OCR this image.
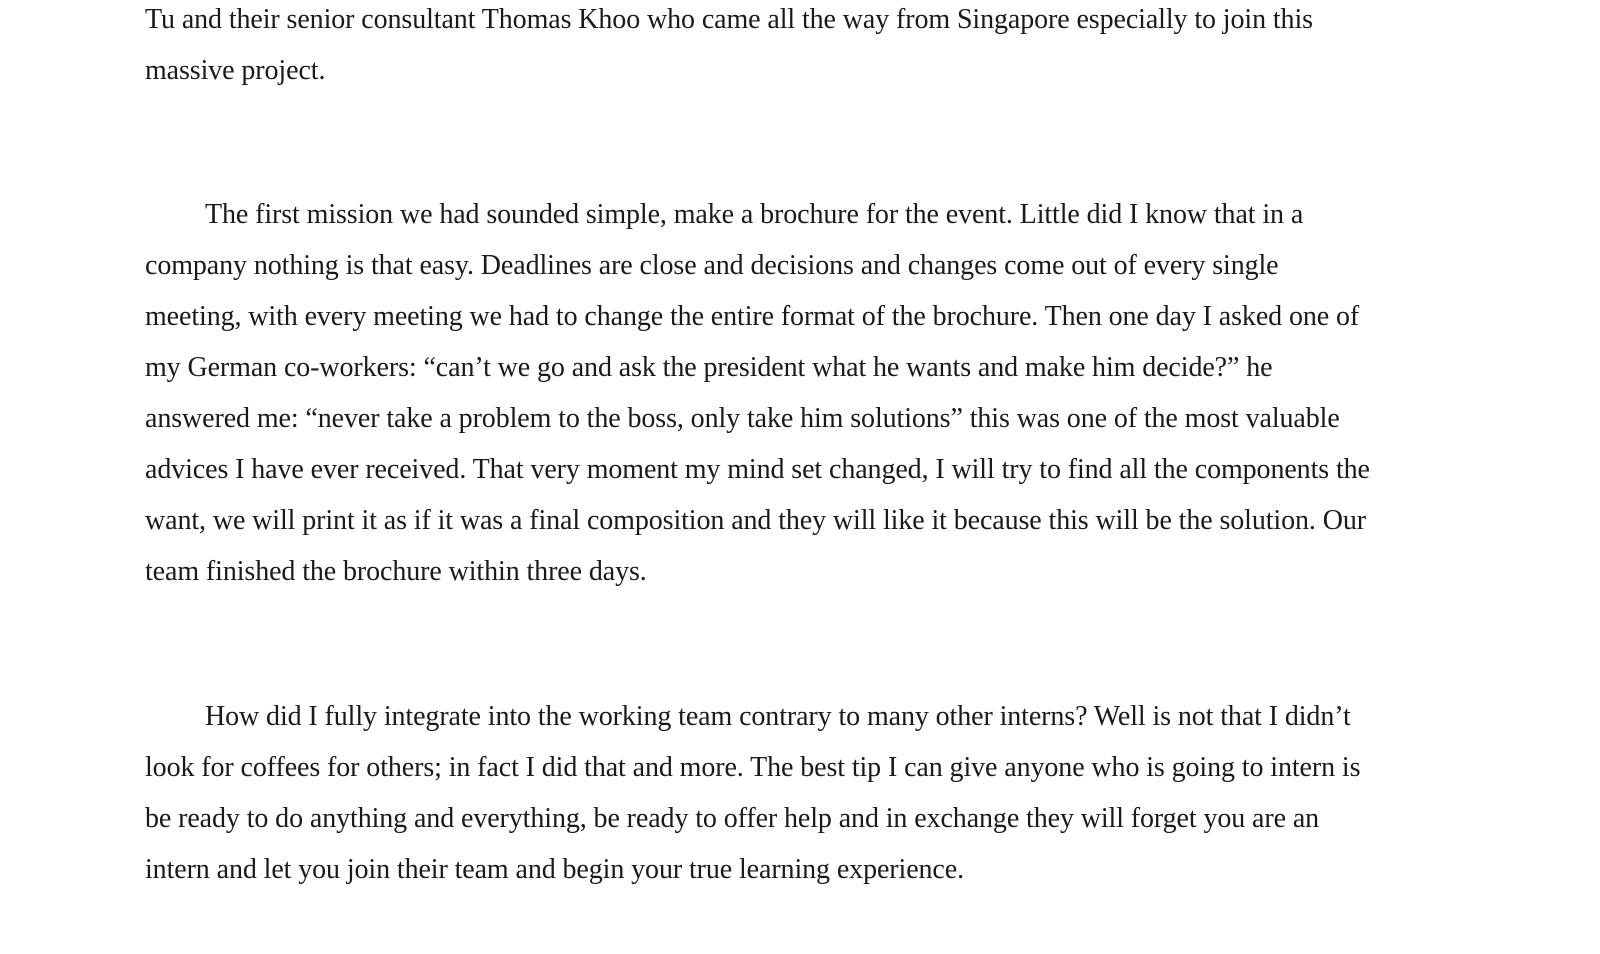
Tu and their senior consultant Thomas Khoo who came all the way from Singapore especially to join this

massive project.

The first mission we had sounded simple, make a brochure for the event. Little did I know that in a

company nothing is that easy. Deadlines are close and decisions and changes come out of every single

meeting, with every meeting we had to change the entire format of the brochure. Then one day I asked one of

my German co-workers: “can’t we go and ask the president what he wants and make him decide?” he

answered me: “never take a problem to the boss, only take him solutions” this was one of the most valuable

advices I have ever received. That very moment my mind set changed, I will try to find all the components the

want, we will print it as if it was a final composition and they will like it because this will be the solution. Our

team finished the brochure within three days.

How did I fully integrate into the working team contrary to many other interns? Well is not that I didn’t

look for coffees for others; in fact I did that and more. The best tip I can give anyone who is going to intern is

be ready to do anything and everything, be ready to offer help and in exchange they will forget you are an

intern and let you join their team and begin your true learning experience.
